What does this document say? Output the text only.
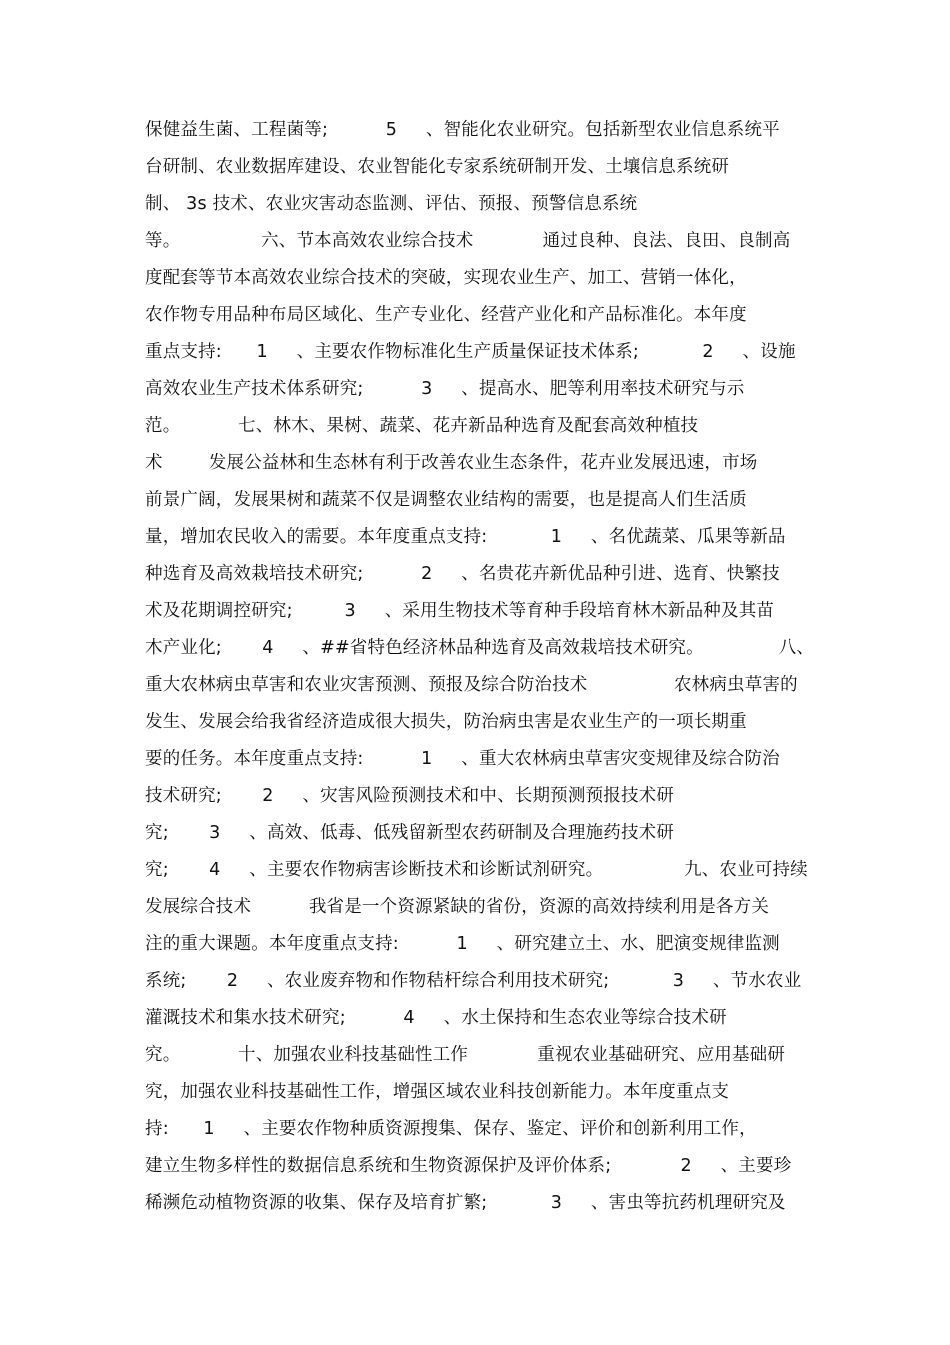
保健益生菌、工程菌等;          5     、智能化农业研究。包括新型农业信息系统平
台研制、农业数据库建设、农业智能化专家系统研制开发、土壤信息系统研
制、 3s 技术、农业灾害动态监测、评估、预报、预警信息系统
等。              六、节本高效农业综合技术            通过良种、良法、良田、良制高
度配套等节本高效农业综合技术的突破，实现农业生产、加工、营销一体化，
农作物专用品种布局区域化、生产专业化、经营产业化和产品标准化。本年度
重点支持:      1     、主要农作物标准化生产质量保证技术体系;           2     、设施
高效农业生产技术体系研究;          3     、提高水、肥等利用率技术研究与示
范。          七、林木、果树、蔬菜、花卉新品种选育及配套高效种植技
术        发展公益林和生态林有利于改善农业生态条件，花卉业发展迅速，市场
前景广阔，发展果树和蔬菜不仅是调整农业结构的需要，也是提高人们生活质
量，增加农民收入的需要。本年度重点支持:           1     、名优蔬菜、瓜果等新品
种选育及高效栽培技术研究;          2     、名贵花卉新优品种引进、选育、快繁技
术及花期调控研究;         3     、采用生物技术等育种手段培育林木新品种及其苗
木产业化;       4     、##省特色经济林品种选育及高效栽培技术研究。             八、
重大农林病虫草害和农业灾害预测、预报及综合防治技术               农林病虫草害的
发生、发展会给我省经济造成很大损失，防治病虫害是农业生产的一项长期重
要的任务。本年度重点支持:          1     、重大农林病虫草害灾变规律及综合防治
技术研究;       2     、灾害风险预测技术和中、长期预测预报技术研
究;       3     、高效、低毒、低残留新型农药研制及合理施药技术研
究;       4     、主要农作物病害诊断技术和诊断试剂研究。              九、农业可持续
发展综合技术          我省是一个资源紧缺的省份，资源的高效持续利用是各方关
注的重大课题。本年度重点支持:          1     、研究建立土、水、肥演变规律监测
系统;       2     、农业废弃物和作物秸杆综合利用技术研究;           3     、节水农业
灌溉技术和集水技术研究;          4     、水土保持和生态农业等综合技术研
究。          十、加强农业科技基础性工作            重视农业基础研究、应用基础研
究，加强农业科技基础性工作，增强区域农业科技创新能力。本年度重点支
持:      1     、主要农作物种质资源搜集、保存、鉴定、评价和创新利用工作，
建立生物多样性的数据信息系统和生物资源保护及评价体系;            2     、主要珍
稀濒危动植物资源的收集、保存及培育扩繁;           3     、害虫等抗药机理研究及
